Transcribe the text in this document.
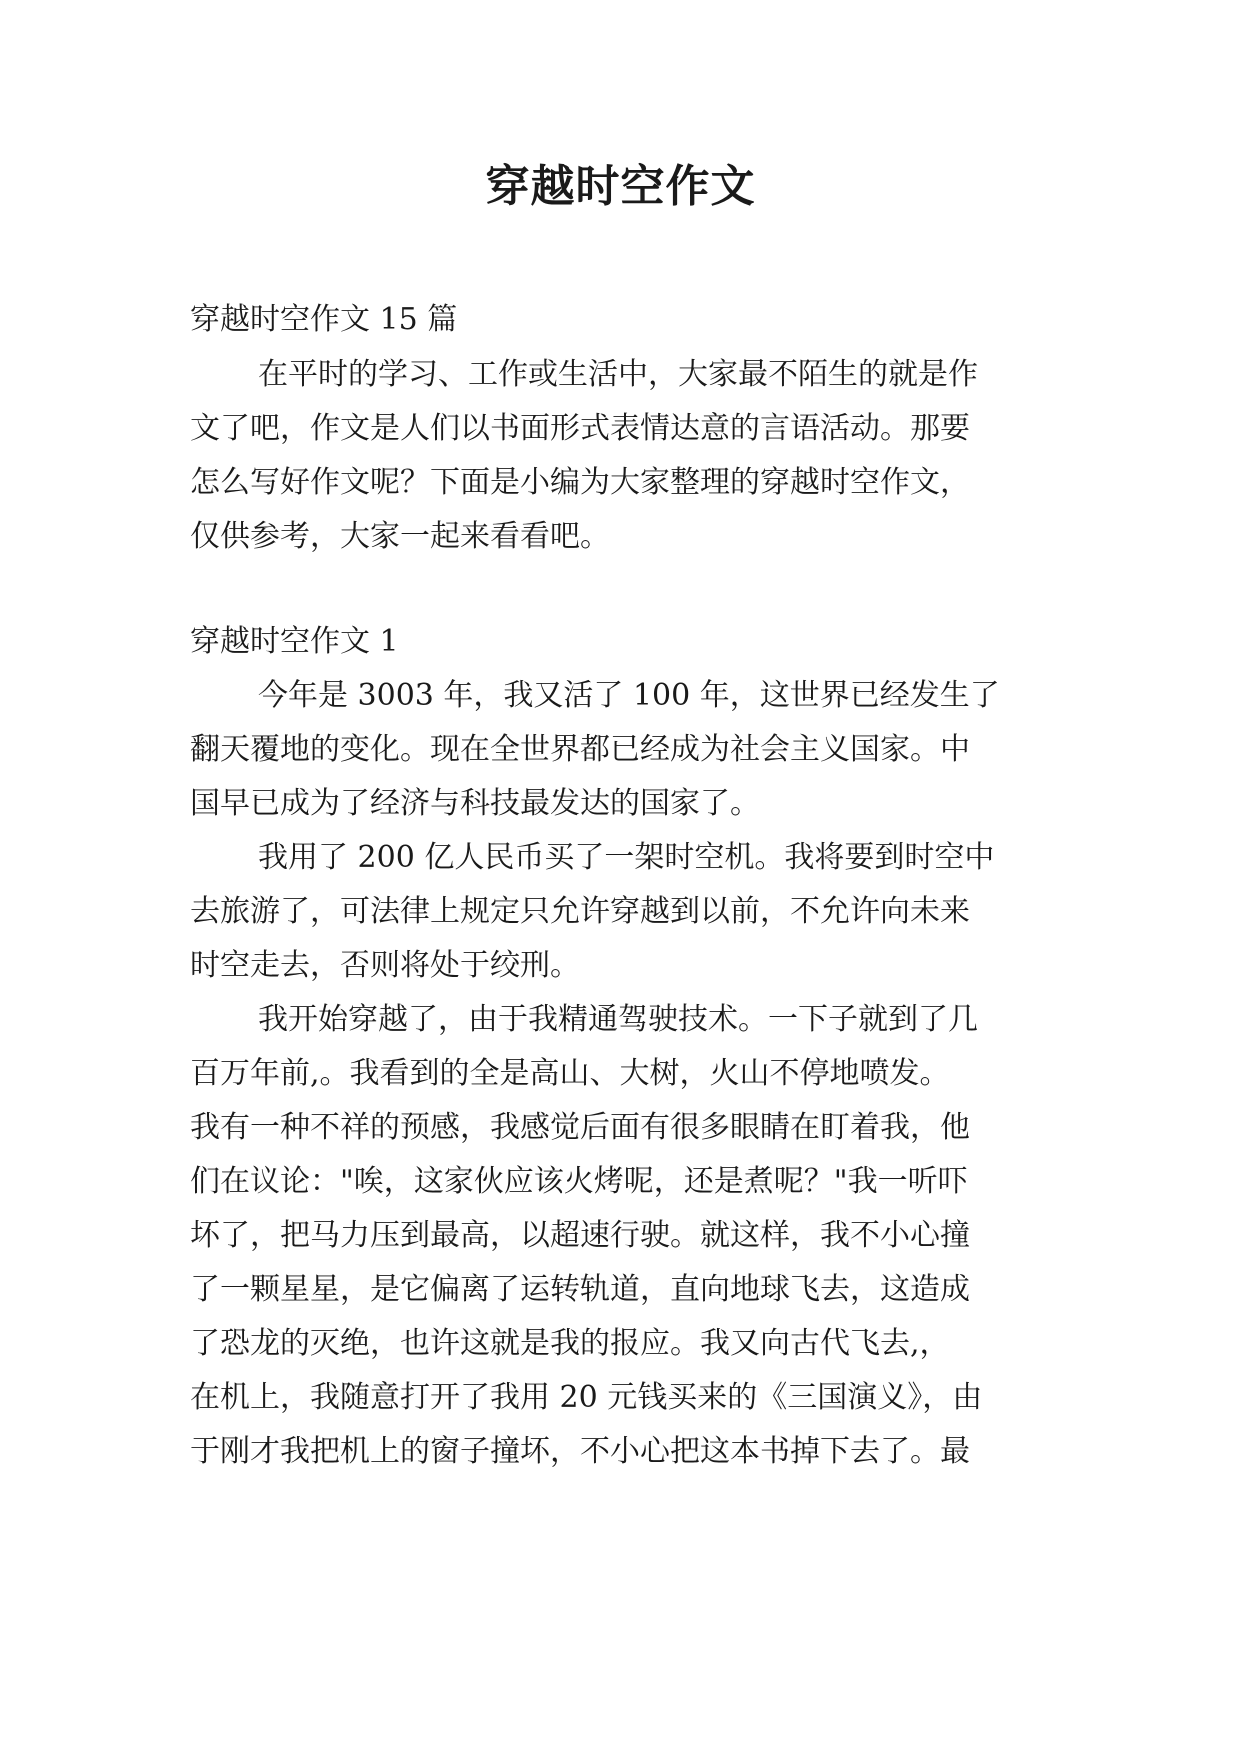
穿越时空作文

穿越时空作文 15 篇

在平时的学习、工作或生活中，大家最不陌生的就是作

文了吧，作文是人们以书面形式表情达意的言语活动。那要

怎么写好作文呢？下面是小编为大家整理的穿越时空作文，

仅供参考，大家一起来看看吧。

穿越时空作文 1

今年是 3003 年，我又活了 100 年，这世界已经发生了

翻天覆地的变化。现在全世界都已经成为社会主义国家。中

国早已成为了经济与科技最发达的国家了。

我用了 200 亿人民币买了一架时空机。我将要到时空中

去旅游了，可法律上规定只允许穿越到以前，不允许向未来

时空走去，否则将处于绞刑。

我开始穿越了，由于我精通驾驶技术。一下子就到了几

百万年前,。我看到的全是高山、大树，火山不停地喷发。

我有一种不祥的预感，我感觉后面有很多眼睛在盯着我，他

们在议论："唉，这家伙应该火烤呢，还是煮呢？"我一听吓

坏了，把马力压到最高，以超速行驶。就这样，我不小心撞

了一颗星星，是它偏离了运转轨道，直向地球飞去，这造成

了恐龙的灭绝，也许这就是我的报应。我又向古代飞去,，

在机上，我随意打开了我用 20 元钱买来的《三国演义》，由

于刚才我把机上的窗子撞坏，不小心把这本书掉下去了。最
